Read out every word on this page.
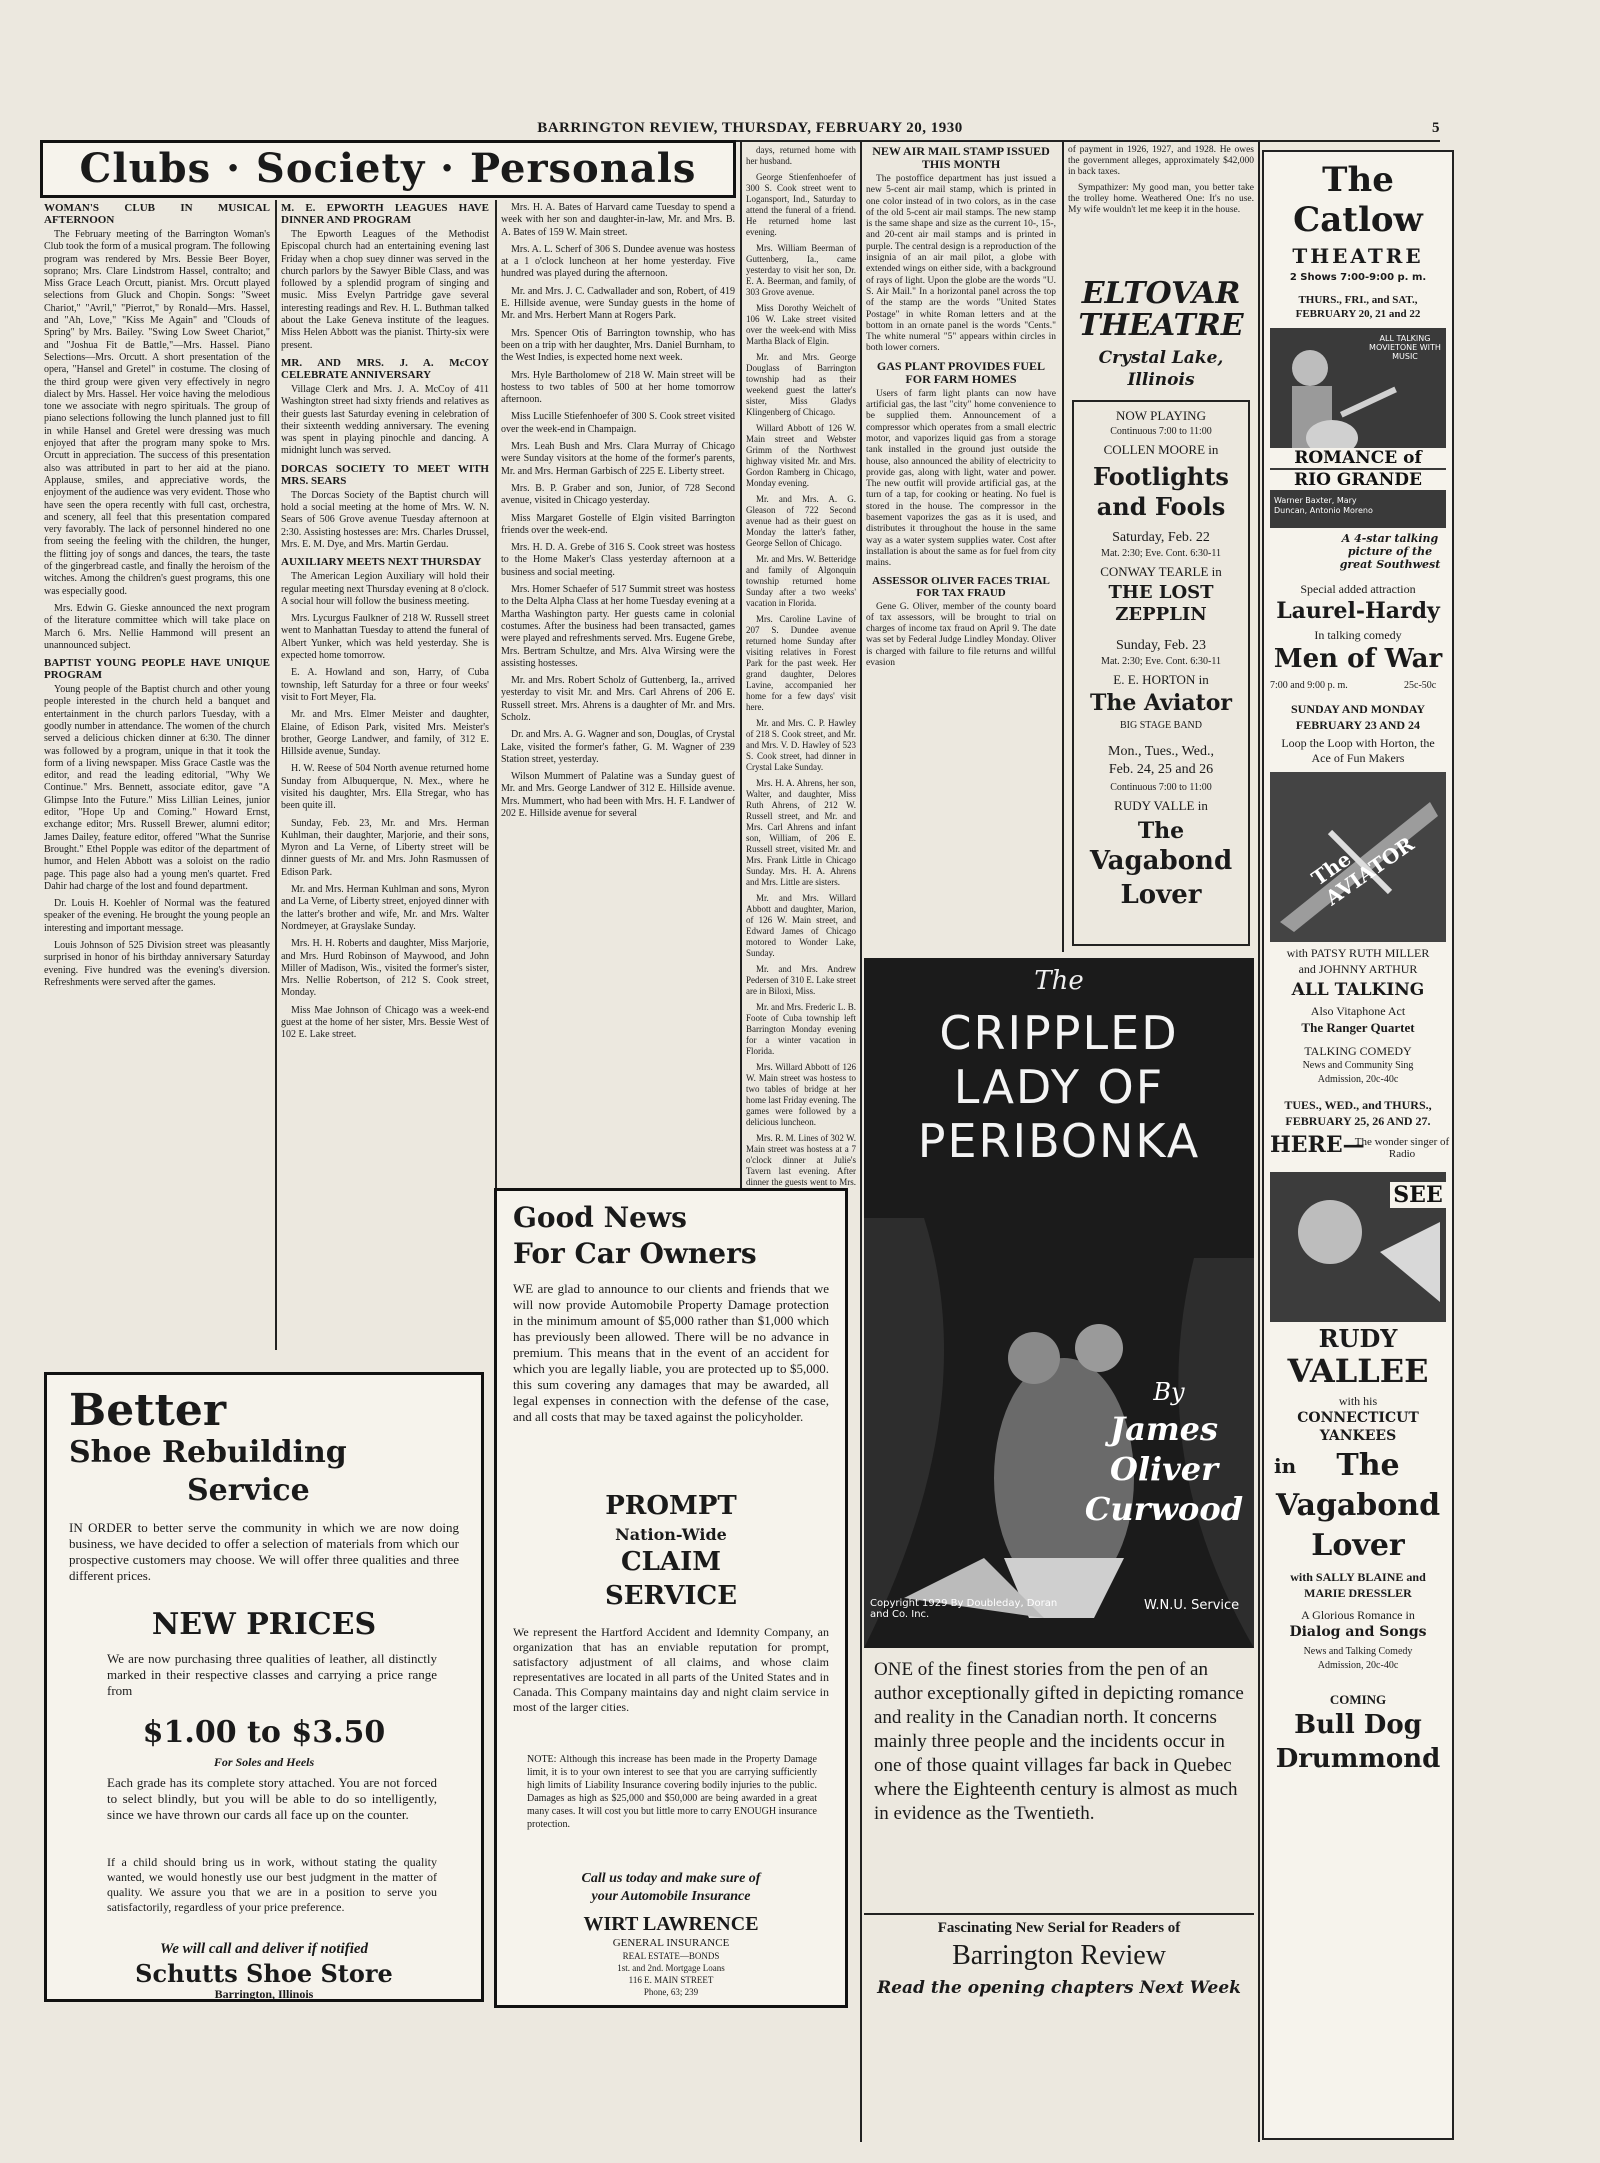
BARRINGTON REVIEW, THURSDAY, FEBRUARY 20, 1930	5
Clubs · Society · Personals
WOMAN'S CLUB IN MUSICAL AFTERNOON

The February meeting of the Barrington Woman's Club took the form of a musical program. The following program was rendered by Mrs. Bessie Beer Boyer, soprano; Mrs. Clare Lindstrom Hassel, contralto; and Miss Grace Leach Orcutt, pianist. Mrs. Orcutt played selections from Gluck and Chopin. Songs: "Sweet Chariot," "Avril," "Pierrot," by Ronald—Mrs. Hassel, and "Ah, Love," "Kiss Me Again" and "Clouds of Spring" by Mrs. Bailey. "Swing Low Sweet Chariot," and "Joshua Fit de Battle,"—Mrs. Hassel. Piano Selections—Mrs. Orcutt. A short presentation of the opera, "Hansel and Gretel" in costume. The closing of the third group were given very effectively in negro dialect by Mrs. Hassel. Her voice having the melodious tone we associate with negro spirituals. The group of piano selections following the lunch planned just to fill in while Hansel and Gretel were dressing was much enjoyed that after the program many spoke to Mrs. Orcutt in appreciation. The success of this presentation also was attributed in part to her aid at the piano. Applause, smiles, and appreciative words, the enjoyment of the audience was very evident. Those who have seen the opera recently with full cast, orchestra, and scenery, all feel that this presentation compared very favorably. The lack of personnel hindered no one from seeing the feeling with the children, the hunger, the flitting joy of songs and dances, the tears, the taste of the gingerbread castle, and finally the heroism of the witches. Among the children's guest programs, this one was especially good.

Mrs. Edwin G. Gieske announced the next program of the literature committee which will take place on March 6. Mrs. Nellie Hammond will present an unannounced subject.

BAPTIST YOUNG PEOPLE HAVE UNIQUE PROGRAM

Young people of the Baptist church and other young people interested in the church held a banquet and entertainment in the church parlors Tuesday, with a goodly number in attendance. The women of the church served a delicious chicken dinner at 6:30. The dinner was followed by a program, unique in that it took the form of a living newspaper. Miss Grace Castle was the editor, and read the leading editorial, "Why We Continue." Mrs. Bennett, associate editor, gave "A Glimpse Into the Future." Miss Lillian Leines, junior editor, "Hope Up and Coming." Howard Ernst, exchange editor; Mrs. Russell Brewer, alumni editor; James Dailey, feature editor, offered "What the Sunrise Brought." Ethel Popple was editor of the department of humor, and Helen Abbott was a soloist on the radio page. This page also had a young men's quartet. Fred Dahir had charge of the lost and found department.

Dr. Louis H. Koehler of Normal was the featured speaker of the evening. He brought the young people an interesting and important message.

Louis Johnson of 525 Division street was pleasantly surprised in honor of his birthday anniversary Saturday evening. Five hundred was the evening's diversion. Refreshments were served after the games.

M. E. EPWORTH LEAGUES HAVE DINNER AND PROGRAM

The Epworth Leagues of the Methodist Episcopal church had an entertaining evening last Friday when a chop suey dinner was served in the church parlors by the Sawyer Bible Class, and was followed by a splendid program of singing and music. Miss Evelyn Partridge gave several interesting readings and Rev. H. L. Buthman talked about the Lake Geneva institute of the leagues. Miss Helen Abbott was the pianist. Thirty-six were present.

MR. AND MRS. J. A. McCOY CELEBRATE ANNIVERSARY

Village Clerk and Mrs. J. A. McCoy of 411 Washington street had sixty friends and relatives as their guests last Saturday evening in celebration of their sixteenth wedding anniversary. The evening was spent in playing pinochle and dancing. A midnight lunch was served.

DORCAS SOCIETY TO MEET WITH MRS. SEARS

The Dorcas Society of the Baptist church will hold a social meeting at the home of Mrs. W. N. Sears of 506 Grove avenue Tuesday afternoon at 2:30. Assisting hostesses are: Mrs. Charles Drussel, Mrs. E. M. Dye, and Mrs. Martin Gerdau.

AUXILIARY MEETS NEXT THURSDAY

The American Legion Auxiliary will hold their regular meeting next Thursday evening at 8 o'clock. A social hour will follow the business meeting.

Mrs. Lycurgus Faulkner of 218 W. Russell street went to Manhattan Tuesday to attend the funeral of Albert Yunker, which was held yesterday. She is expected home tomorrow.

E. A. Howland and son, Harry, of Cuba township, left Saturday for a three or four weeks' visit to Fort Meyer, Fla.

Mr. and Mrs. Elmer Meister and daughter, Elaine, of Edison Park, visited Mrs. Meister's brother, George Landwer, and family, of 312 E. Hillside avenue, Sunday.

H. W. Reese of 504 North avenue returned home Sunday from Albuquerque, N. Mex., where he visited his daughter, Mrs. Ella Stregar, who has been quite ill.

Sunday, Feb. 23, Mr. and Mrs. Herman Kuhlman, their daughter, Marjorie, and their sons, Myron and La Verne, of Liberty street will be dinner guests of Mr. and Mrs. John Rasmussen of Edison Park.

Mr. and Mrs. Herman Kuhlman and sons, Myron and La Verne, of Liberty street, enjoyed dinner with the latter's brother and wife, Mr. and Mrs. Walter Nordmeyer, at Grayslake Sunday.

Mrs. H. H. Roberts and daughter, Miss Marjorie, and Mrs. Hurd Robinson of Maywood, and John Miller of Madison, Wis., visited the former's sister, Mrs. Nellie Robertson, of 212 S. Cook street, Monday.

Miss Mae Johnson of Chicago was a week-end guest at the home of her sister, Mrs. Bessie West of 102 E. Lake street.

Mrs. H. A. Bates of Harvard came Tuesday to spend a week with her son and daughter-in-law, Mr. and Mrs. B. A. Bates of 159 W. Main street.

Mrs. A. L. Scherf of 306 S. Dundee avenue was hostess at a 1 o'clock luncheon at her home yesterday. Five hundred was played during the afternoon.

Mr. and Mrs. J. C. Cadwallader and son, Robert, of 419 E. Hillside avenue, were Sunday guests in the home of Mr. and Mrs. Herbert Mann at Rogers Park.

Mrs. Spencer Otis of Barrington township, who has been on a trip with her daughter, Mrs. Daniel Burnham, to the West Indies, is expected home next week.

Mrs. Hyle Bartholomew of 218 W. Main street will be hostess to two tables of 500 at her home tomorrow afternoon.

Miss Lucille Stiefenhoefer of 300 S. Cook street visited over the week-end in Champaign.

Mrs. Leah Bush and Mrs. Clara Murray of Chicago were Sunday visitors at the home of the former's parents, Mr. and Mrs. Herman Garbisch of 225 E. Liberty street.

Mrs. B. P. Graber and son, Junior, of 728 Second avenue, visited in Chicago yesterday.

Miss Margaret Gostelle of Elgin visited Barrington friends over the week-end.

Mrs. H. D. A. Grebe of 316 S. Cook street was hostess to the Home Maker's Class yesterday afternoon at a business and social meeting.

Mrs. Homer Schaefer of 517 Summit street was hostess to the Delta Alpha Class at her home Tuesday evening at a Martha Washington party. Her guests came in colonial costumes. After the business had been transacted, games were played and refreshments served. Mrs. Eugene Grebe, Mrs. Bertram Schultze, and Mrs. Alva Wirsing were the assisting hostesses.

Mr. and Mrs. Robert Scholz of Guttenberg, Ia., arrived yesterday to visit Mr. and Mrs. Carl Ahrens of 206 E. Russell street. Mrs. Ahrens is a daughter of Mr. and Mrs. Scholz.

Dr. and Mrs. A. G. Wagner and son, Douglas, of Crystal Lake, visited the former's father, G. M. Wagner of 239 Station street, yesterday.

Wilson Mummert of Palatine was a Sunday guest of Mr. and Mrs. George Landwer of 312 E. Hillside avenue. Mrs. Mummert, who had been with Mrs. H. F. Landwer of 202 E. Hillside avenue for several

days, returned home with her husband.

George Stienfenhoefer of 300 S. Cook street went to Logansport, Ind., Saturday to attend the funeral of a friend. He returned home last evening.

Mrs. William Beerman of Guttenberg, Ia., came yesterday to visit her son, Dr. E. A. Beerman, and family, of 303 Grove avenue.

Miss Dorothy Weichelt of 106 W. Lake street visited over the week-end with Miss Martha Black of Elgin.

Mr. and Mrs. George Douglass of Barrington township had as their weekend guest the latter's sister, Miss Gladys Klingenberg of Chicago.

Willard Abbott of 126 W. Main street and Webster Grimm of the Northwest highway visited Mr. and Mrs. Gordon Ramberg in Chicago, Monday evening.

Mr. and Mrs. A. G. Gleason of 722 Second avenue had as their guest on Monday the latter's father, George Sellon of Chicago.

Mr. and Mrs. W. Betteridge and family of Algonquin township returned home Sunday after a two weeks' vacation in Florida.

Mrs. Caroline Lavine of 207 S. Dundee avenue returned home Sunday after visiting relatives in Forest Park for the past week. Her grand daughter, Delores Lavine, accompanied her home for a few days' visit here.

Mr. and Mrs. C. P. Hawley of 218 S. Cook street, and Mr. and Mrs. V. D. Hawley of 523 S. Cook street, had dinner in Crystal Lake Sunday.

Mrs. H. A. Ahrens, her son, Walter, and daughter, Miss Ruth Ahrens, of 212 W. Russell street, and Mr. and Mrs. Carl Ahrens and infant son, William, of 206 E. Russell street, visited Mr. and Mrs. Frank Little in Chicago Sunday. Mrs. H. A. Ahrens and Mrs. Little are sisters.

Mr. and Mrs. Willard Abbott and daughter, Marion, of 126 W. Main street, and Edward James of Chicago motored to Wonder Lake, Sunday.

Mr. and Mrs. Andrew Pedersen of 310 E. Lake street are in Biloxi, Miss.

Mr. and Mrs. Frederic L. B. Foote of Cuba township left Barrington Monday evening for a winter vacation in Florida.

Mrs. Willard Abbott of 126 W. Main street was hostess to two tables of bridge at her home last Friday evening. The games were followed by a delicious luncheon.

Mrs. R. M. Lines of 302 W. Main street was hostess at a 7 o'clock dinner at Julie's Tavern last evening. After dinner the guests went to Mrs.

NEW AIR MAIL STAMP ISSUED THIS MONTH

The postoffice department has just issued a new 5-cent air mail stamp, which is printed in one color instead of in two colors, as in the case of the old 5-cent air mail stamps. The new stamp is the same shape and size as the current 10-, 15-, and 20-cent air mail stamps and is printed in purple. The central design is a reproduction of the insignia of an air mail pilot, a globe with extended wings on either side, with a background of rays of light. Upon the globe are the words "U. S. Air Mail." In a horizontal panel across the top of the stamp are the words "United States Postage" in white Roman letters and at the bottom in an ornate panel is the words "Cents." The white numeral "5" appears within circles in both lower corners.

GAS PLANT PROVIDES FUEL FOR FARM HOMES

Users of farm light plants can now have artificial gas, the last "city" home convenience to be supplied them. Announcement of a compressor which operates from a small electric motor, and vaporizes liquid gas from a storage tank installed in the ground just outside the house, also announced the ability of electricity to provide gas, along with light, water and power. The new outfit will provide artificial gas, at the turn of a tap, for cooking or heating. No fuel is stored in the house. The compressor in the basement vaporizes the gas as it is used, and distributes it throughout the house in the same way as a water system supplies water. Cost after installation is about the same as for fuel from city mains.

ASSESSOR OLIVER FACES TRIAL FOR TAX FRAUD

Gene G. Oliver, member of the county board of tax assessors, will be brought to trial on charges of income tax fraud on April 9. The date was set by Federal Judge Lindley Monday. Oliver is charged with failure to file returns and willful evasion

of payment in 1926, 1927, and 1928. He owes the government alleges, approximately $42,000 in back taxes.

Sympathizer: My good man, you better take the trolley home. Weathered One: It's no use. My wife wouldn't let me keep it in the house.

ELTOVAR
THEATRE
Crystal Lake,
Illinois
NOW PLAYING
Continuous 7:00 to 11:00
COLLEN MOORE in
Footlights
and Fools
Saturday, Feb. 22
Mat. 2:30; Eve. Cont. 6:30-11
CONWAY TEARLE in
THE LOST
ZEPPLIN
Sunday, Feb. 23
Mat. 2:30; Eve. Cont. 6:30-11
E. E. HORTON in
The Aviator
BIG STAGE BAND
Mon., Tues., Wed.,
Feb. 24, 25 and 26
Continuous 7:00 to 11:00
RUDY VALLE in
The
Vagabond
Lover
The
CRIPPLED
LADY OF
PERIBONKA
By
James
Oliver
Curwood
Copyright 1929 By Doubleday, Doran and Co. Inc.
W.N.U. Service
ONE of the finest stories from the pen of an author exceptionally gifted in depicting romance and reality in the Canadian north. It concerns mainly three people and the incidents occur in one of those quaint villages far back in Quebec where the Eighteenth century is almost as much in evidence as the Twentieth.
Fascinating New Serial for Readers of
Barrington Review
Read the opening chapters Next Week
Better
Shoe Rebuilding
Service
IN ORDER to better serve the community in which we are now doing business, we have decided to offer a selection of materials from which our prospective customers may choose. We will offer three qualities and three different prices.
NEW PRICES
We are now purchasing three qualities of leather, all distinctly marked in their respective classes and carrying a price range from
$1.00 to $3.50
For Soles and Heels
Each grade has its complete story attached. You are not forced to select blindly, but you will be able to do so intelligently, since we have thrown our cards all face up on the counter.
If a child should bring us in work, without stating the quality wanted, we would honestly use our best judgment in the matter of quality. We assure you that we are in a position to serve you satisfactorily, regardless of your price preference.
We will call and deliver if notified
Schutts Shoe Store
Barrington, Illinois
Good News
For Car Owners
WE are glad to announce to our clients and friends that we will now provide Automobile Property Damage protection in the minimum amount of $5,000 rather than $1,000 which has previously been allowed. There will be no advance in premium. This means that in the event of an accident for which you are legally liable, you are protected up to $5,000. this sum covering any damages that may be awarded, all legal expenses in connection with the defense of the case, and all costs that may be taxed against the policyholder.
PROMPT
Nation-Wide
CLAIM
SERVICE
We represent the Hartford Accident and Idemnity Company, an organization that has an enviable reputation for prompt, satisfactory adjustment of all claims, and whose claim representatives are located in all parts of the United States and in Canada. This Company maintains day and night claim service in most of the larger cities.
NOTE: Although this increase has been made in the Property Damage limit, it is to your own interest to see that you are carrying sufficiently high limits of Liability Insurance covering bodily injuries to the public. Damages as high as $25,000 and $50,000 are being awarded in a great many cases. It will cost you but little more to carry ENOUGH insurance protection.
Call us today and make sure of
your Automobile Insurance
WIRT LAWRENCE
GENERAL INSURANCE
REAL ESTATE—BONDS
1st. and 2nd. Mortgage Loans
116 E. MAIN STREET
Phone, 63; 239
The
Catlow
THEATRE
2 Shows 7:00-9:00 p. m.
THURS., FRI., and SAT.,
FEBRUARY 20, 21 and 22
ALL TALKING MOVIETONE WITH MUSIC
ROMANCE of
RIO GRANDE
Warner Baxter, Mary Duncan, Antonio Moreno
A 4-star talking picture of the great Southwest
Special added attraction
Laurel-Hardy
In talking comedy
Men of War
7:00 and 9:00 p. m.	25c-50c
SUNDAY AND MONDAY
FEBRUARY 23 AND 24
Loop the Loop with Horton, the Ace of Fun Makers
The AVIATOR
with PATSY RUTH MILLER
and JOHNNY ARTHUR
ALL TALKING
Also Vitaphone Act
The Ranger Quartet
TALKING COMEDY
News and Community Sing
Admission, 20c-40c
TUES., WED., and THURS.,
FEBRUARY 25, 26 AND 27.
HERE—
The wonder singer of Radio
SEE
RUDY
VALLEE
with his
CONNECTICUT
YANKEES
in	The
Vagabond
Lover
with SALLY BLAINE and
MARIE DRESSLER
A Glorious Romance in
Dialog and Songs
News and Talking Comedy
Admission, 20c-40c
COMING
Bull Dog
Drummond
